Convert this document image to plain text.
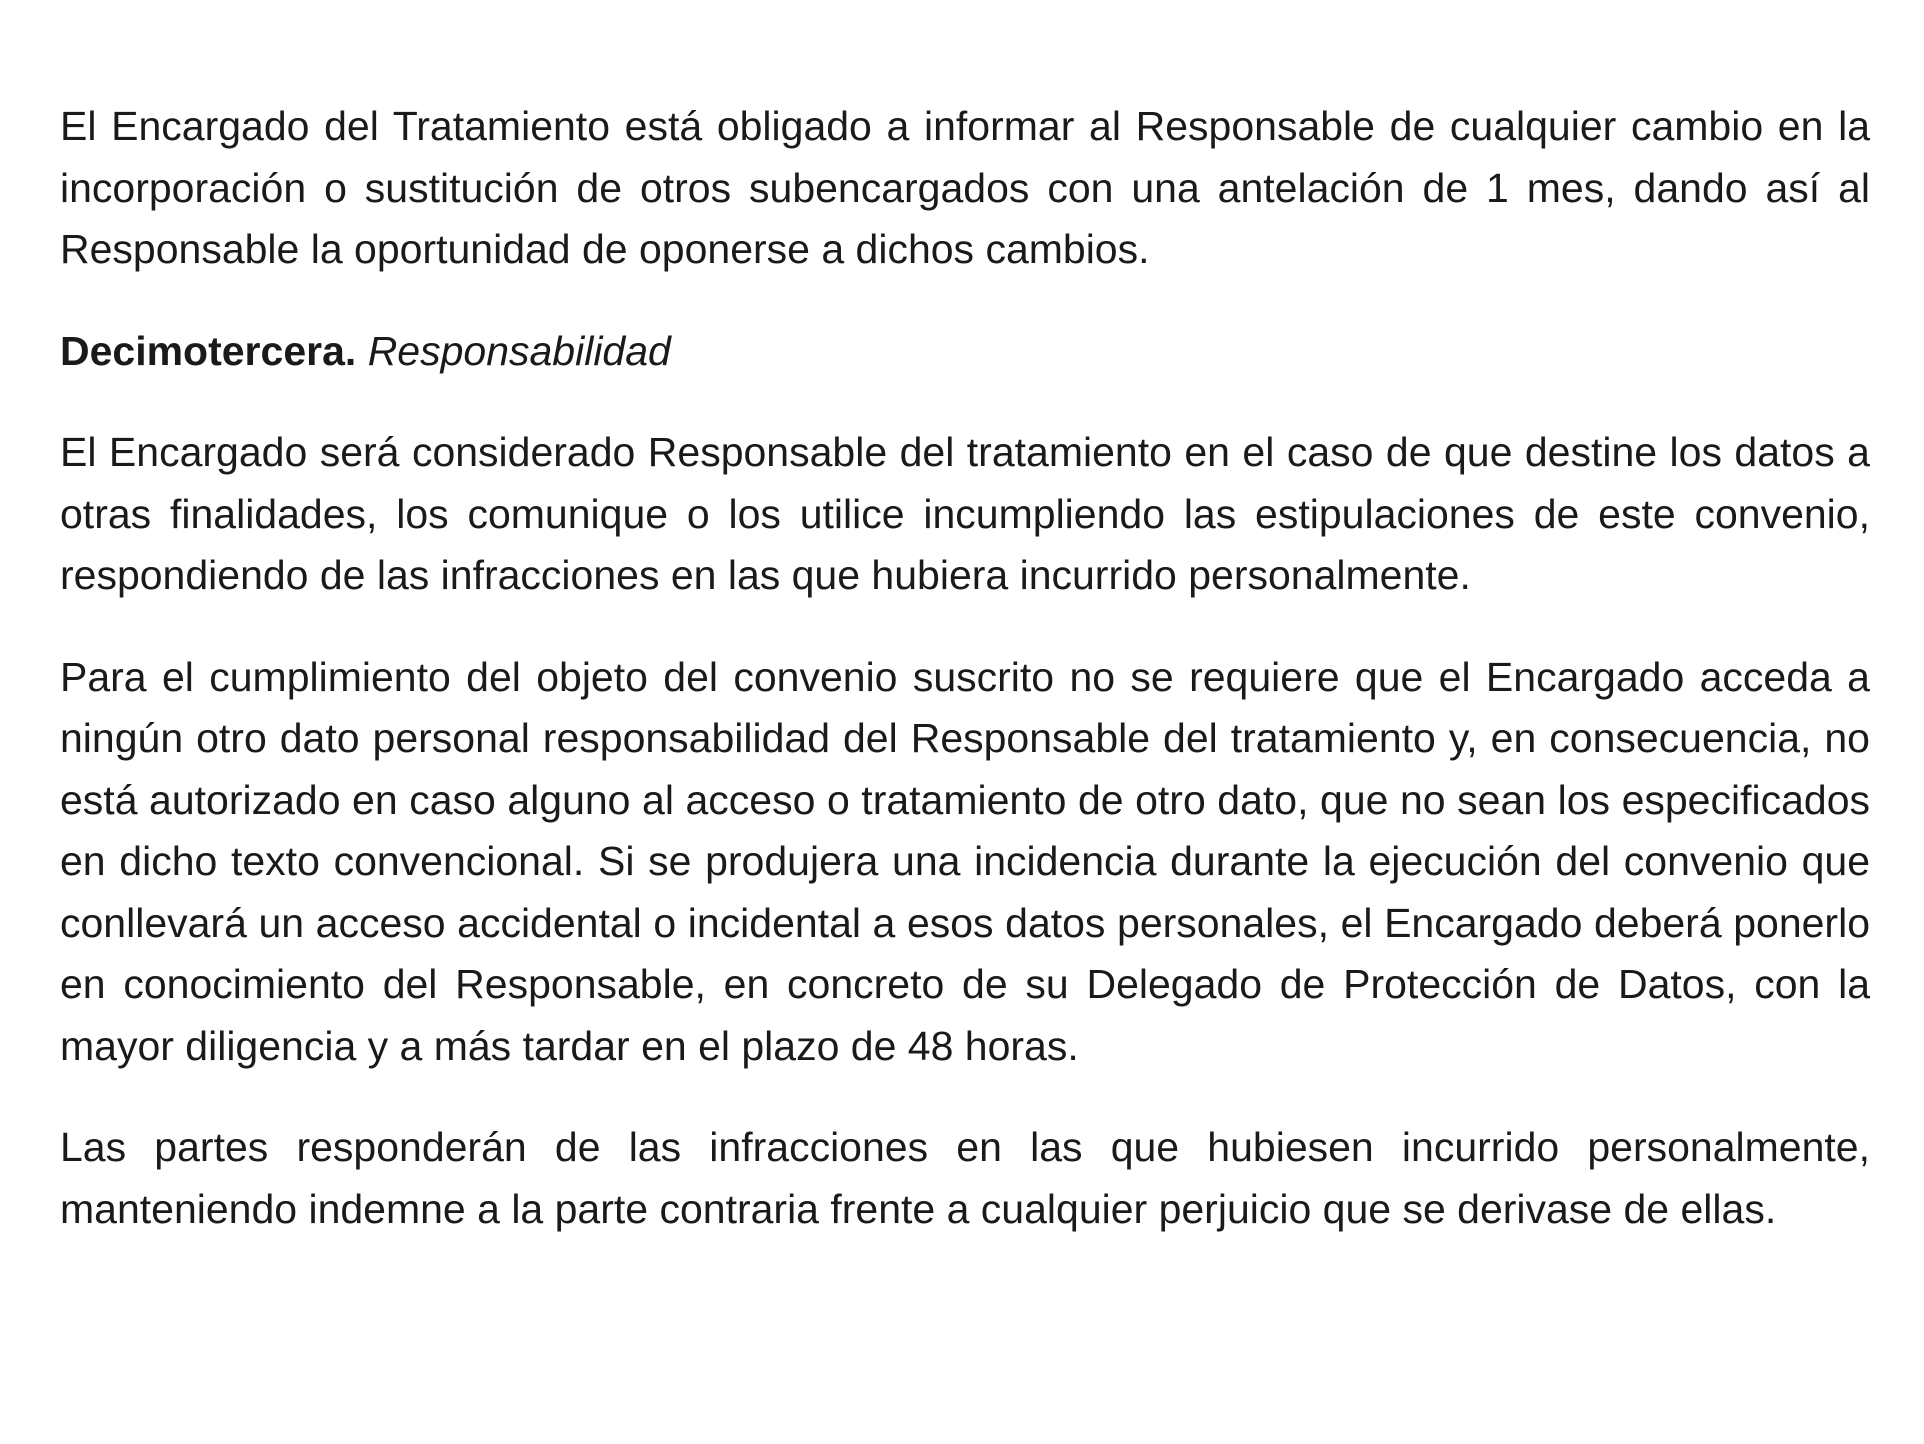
El Encargado del Tratamiento está obligado a informar al Responsable de cualquier cambio en la incorporación o sustitución de otros subencargados con una antelación de 1 mes, dando así al Responsable la oportunidad de oponerse a dichos cambios.

Decimotercera. Responsabilidad

El Encargado será considerado Responsable del tratamiento en el caso de que destine los datos a otras finalidades, los comunique o los utilice incumpliendo las estipulaciones de este convenio, respondiendo de las infracciones en las que hubiera incurrido personalmente.

Para el cumplimiento del objeto del convenio suscrito no se requiere que el Encargado acceda a ningún otro dato personal responsabilidad del Responsable del tratamiento y, en consecuencia, no está autorizado en caso alguno al acceso o tratamiento de otro dato, que no sean los especificados en dicho texto convencional. Si se produjera una incidencia durante la ejecución del convenio que conllevará un acceso accidental o incidental a esos datos personales, el Encargado deberá ponerlo en conocimiento del Responsable, en concreto de su Delegado de Protección de Datos, con la mayor diligencia y a más tardar en el plazo de 48 horas.

Las partes responderán de las infracciones en las que hubiesen incurrido personalmente, manteniendo indemne a la parte contraria frente a cualquier perjuicio que se derivase de ellas.
